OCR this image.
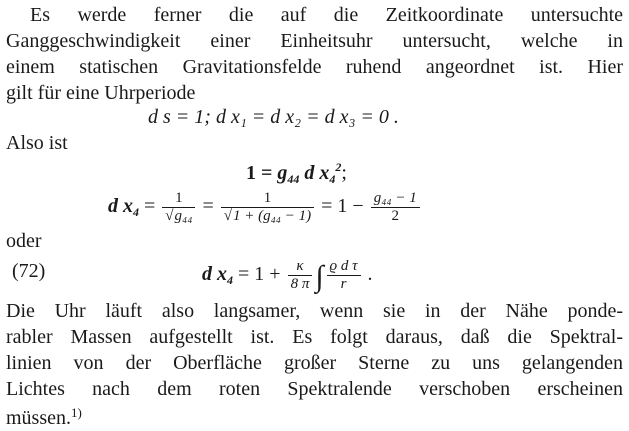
Es werde ferner die auf die Zeitkoordinate untersuchte
Ganggeschwindigkeit einer Einheitsuhr untersucht, welche in
einem statischen Gravitationsfelde ruhend angeordnet ist. Hier
gilt für eine Uhrperiode
d s = 1; d x₁ = d x₂ = d x₃ = 0 .
Also ist
$1 = g_{44}$ d $x_4^2$;
d $x_4 = \frac{1}{\text{√g₄₄}} = \frac{1}{\text{√1 + (g₄₄ − 1)}} = 1 - \frac{\text{g₄₄ − 1}}{2}$
oder
(72)	d $x_4 = 1 + \frac{\kappa}{8 \pi}$ ∫ $\frac{\text{ϱ d τ}}{r}$ .
Die Uhr läuft also langsamer, wenn sie in der Nähe ponde-
rabler Massen aufgestellt ist. Es folgt daraus, daß die Spektral-
linien von der Oberfläche großer Sterne zu uns gelangenden
Lichtes nach dem roten Spektralende verschoben erscheinen
müssen.$^{1)}$
